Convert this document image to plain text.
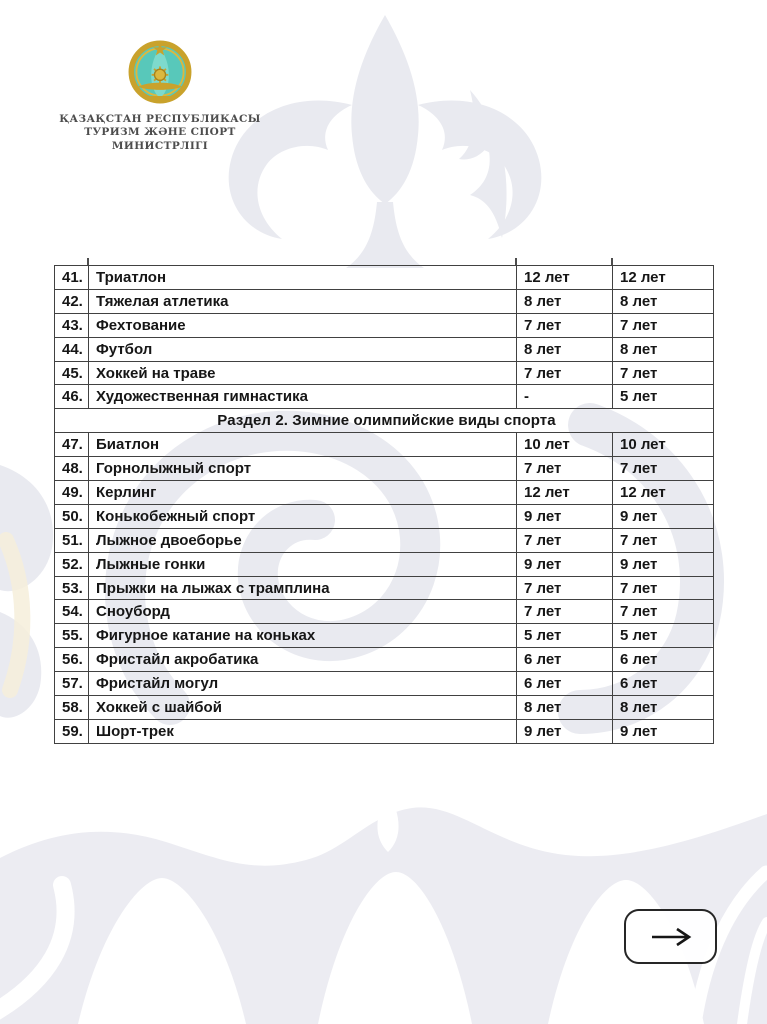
ҚАЗАҚСТАН РЕСПУБЛИКАСЫ
ТУРИЗМ ЖӘНЕ СПОРТ МИНИСТРЛІГІ
41.	Триатлон	12 лет	12 лет
42.	Тяжелая атлетика	8 лет	8 лет
43.	Фехтование	7 лет	7 лет
44.	Футбол	8 лет	8 лет
45.	Хоккей на траве	7 лет	7 лет
46.	Художественная гимнастика	-	5 лет
Раздел 2. Зимние олимпийские виды спорта			
47.	Биатлон	10 лет	10 лет
48.	Горнолыжный спорт	7 лет	7 лет
49.	Керлинг	12 лет	12 лет
50.	Конькобежный спорт	9 лет	9 лет
51.	Лыжное двоеборье	7 лет	7 лет
52.	Лыжные гонки	9 лет	9 лет
53.	Прыжки на лыжах с трамплина	7 лет	7 лет
54.	Сноуборд	7 лет	7 лет
55.	Фигурное катание на коньках	5 лет	5 лет
56.	Фристайл акробатика	6 лет	6 лет
57.	Фристайл могул	6 лет	6 лет
58.	Хоккей с шайбой	8 лет	8 лет
59.	Шорт-трек	9 лет	9 лет
